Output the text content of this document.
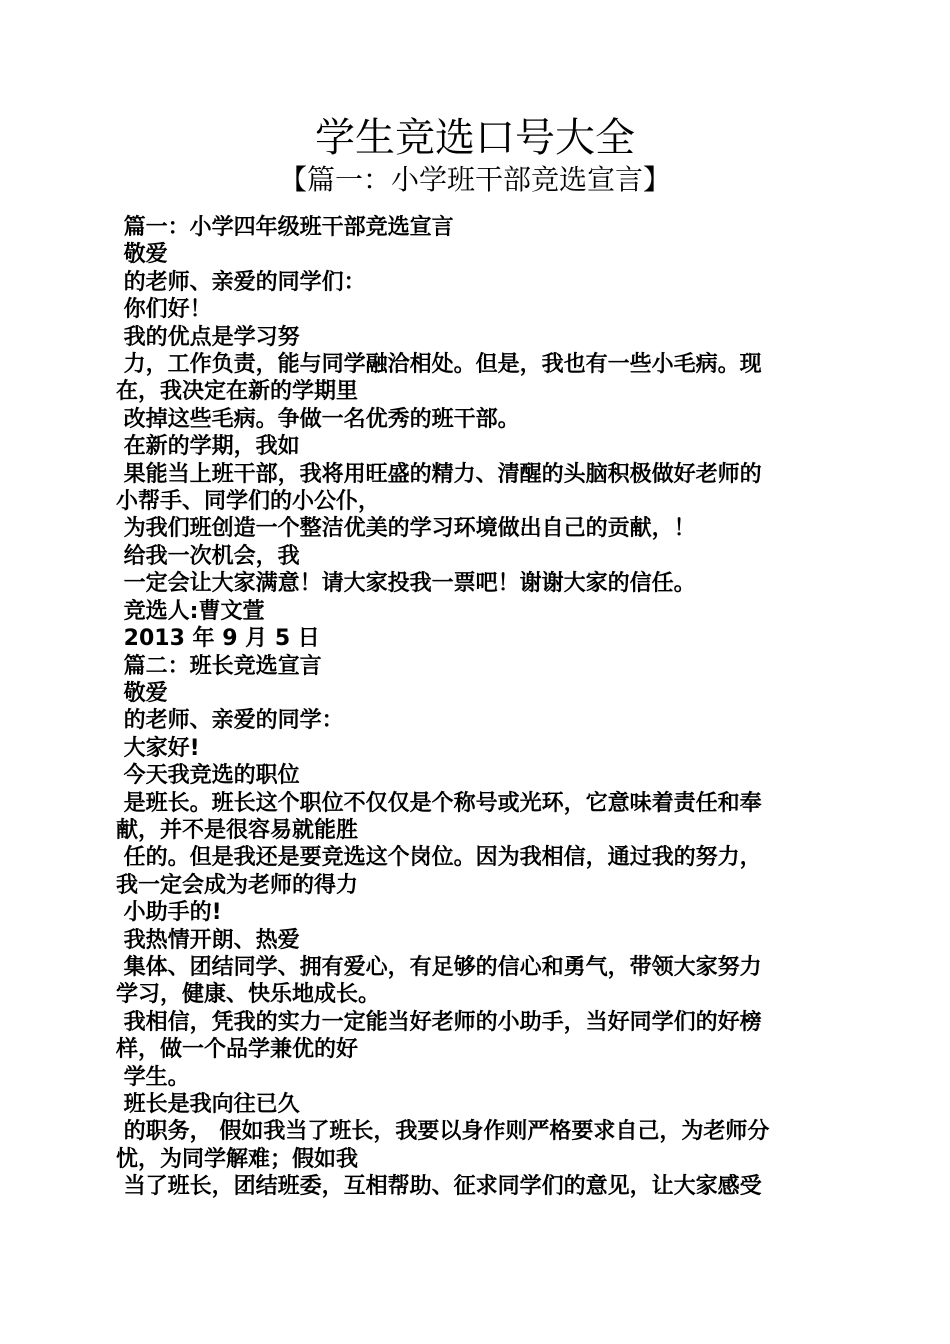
学生竞选口号大全
【篇一：小学班干部竞选宣言】
篇一：小学四年级班干部竞选宣言
敬爱
的老师、亲爱的同学们：
你们好！
我的优点是学习努
力，工作负责，能与同学融洽相处。但是，我也有一些小毛病。现
在，我决定在新的学期里
改掉这些毛病。争做一名优秀的班干部。
在新的学期，我如
果能当上班干部，我将用旺盛的精力、清醒的头脑积极做好老师的
小帮手、同学们的小公仆，
为我们班创造一个整洁优美的学习环境做出自己的贡献，！
给我一次机会，我
一定会让大家满意！请大家投我一票吧！谢谢大家的信任。
竞选人:曹文萱
2013 年 9 月 5 日
篇二：班长竞选宣言
敬爱
的老师、亲爱的同学：
大家好!
今天我竞选的职位
是班长。班长这个职位不仅仅是个称号或光环，它意味着责任和奉
献，并不是很容易就能胜
任的。但是我还是要竞选这个岗位。因为我相信，通过我的努力，
我一定会成为老师的得力
小助手的!
我热情开朗、热爱
集体、团结同学、拥有爱心，有足够的信心和勇气，带领大家努力
学习，健康、快乐地成长。
我相信，凭我的实力一定能当好老师的小助手，当好同学们的好榜
样，做一个品学兼优的好
学生。
班长是我向往已久
的职务， 假如我当了班长，我要以身作则严格要求自己，为老师分
忧，为同学解难；假如我
当了班长，团结班委，互相帮助、征求同学们的意见，让大家感受
